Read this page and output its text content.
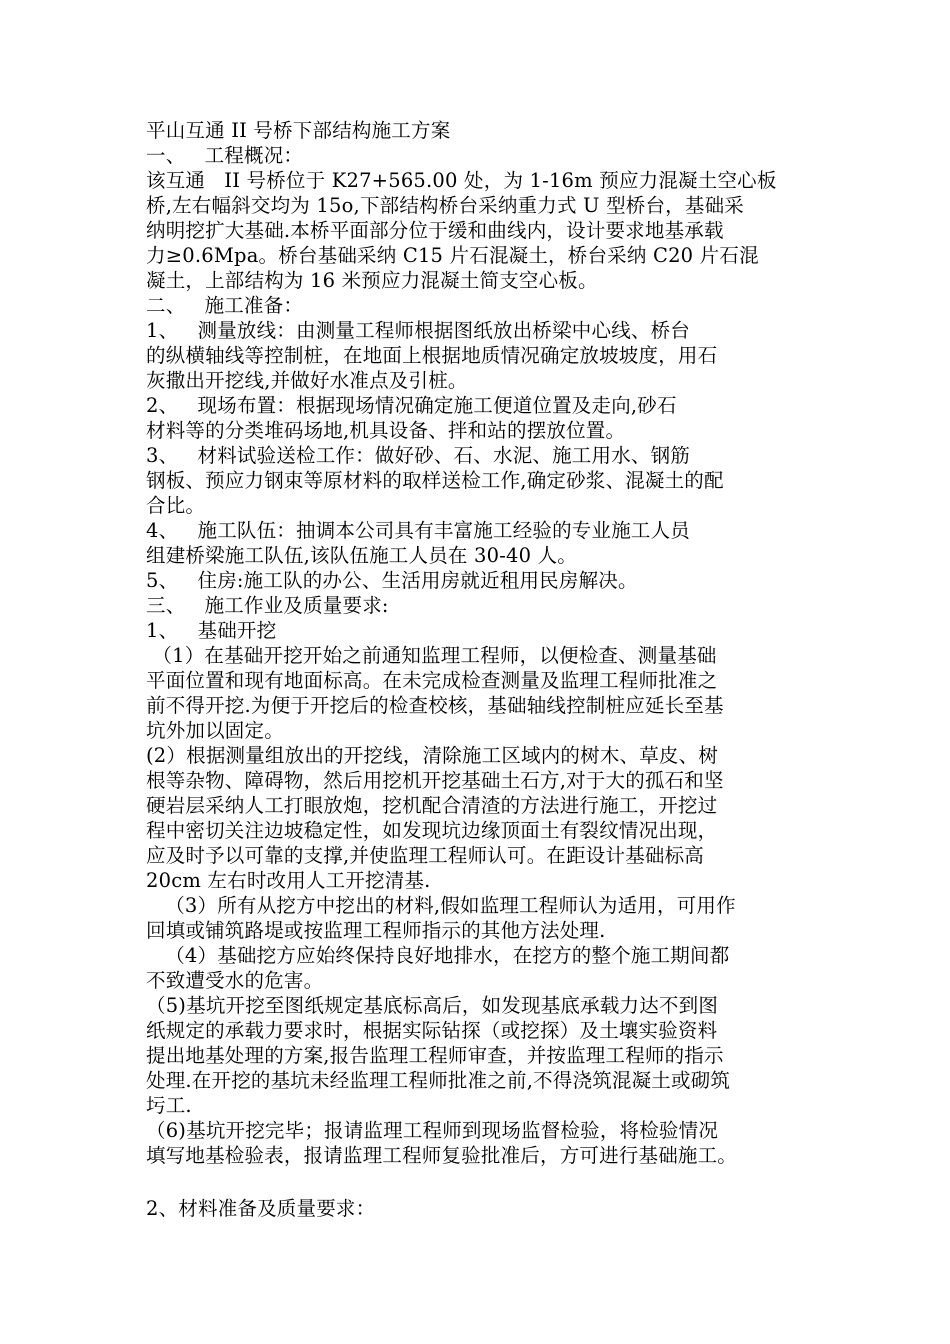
平山互通 II 号桥下部结构施工方案
一、   工程概况：
该互通   II 号桥位于 K27+565.00 处，为 1-16m 预应力混凝土空心板
桥,左右幅斜交均为 15o,下部结构桥台采纳重力式 U 型桥台，基础采
纳明挖扩大基础.本桥平面部分位于缓和曲线内，设计要求地基承载
力≥0.6Mpa。桥台基础采纳 C15 片石混凝土，桥台采纳 C20 片石混
凝土，上部结构为 16 米预应力混凝土简支空心板。
二、   施工准备：
1、   测量放线：由测量工程师根据图纸放出桥梁中心线、桥台
的纵横轴线等控制桩，在地面上根据地质情况确定放坡坡度，用石
灰撒出开挖线,并做好水准点及引桩。
2、   现场布置：根据现场情况确定施工便道位置及走向,砂石
材料等的分类堆码场地,机具设备、拌和站的摆放位置。
3、   材料试验送检工作：做好砂、石、水泥、施工用水、钢筋
钢板、预应力钢束等原材料的取样送检工作,确定砂浆、混凝土的配
合比。
4、   施工队伍：抽调本公司具有丰富施工经验的专业施工人员
组建桥梁施工队伍,该队伍施工人员在 30-40 人。
5、   住房:施工队的办公、生活用房就近租用民房解决。
三、   施工作业及质量要求:
1、   基础开挖
（1）在基础开挖开始之前通知监理工程师，以便检查、测量基础
平面位置和现有地面标高。在未完成检查测量及监理工程师批准之
前不得开挖.为便于开挖后的检查校核，基础轴线控制桩应延长至基
坑外加以固定。
(2）根据测量组放出的开挖线，清除施工区域内的树木、草皮、树
根等杂物、障碍物，然后用挖机开挖基础土石方,对于大的孤石和坚
硬岩层采纳人工打眼放炮，挖机配合清渣的方法进行施工，开挖过
程中密切关注边坡稳定性，如发现坑边缘顶面土有裂纹情况出现，
应及时予以可靠的支撑,并使监理工程师认可。在距设计基础标高
20cm 左右时改用人工开挖清基.
（3）所有从挖方中挖出的材料,假如监理工程师认为适用，可用作
回填或铺筑路堤或按监理工程师指示的其他方法处理.
（4）基础挖方应始终保持良好地排水，在挖方的整个施工期间都
不致遭受水的危害。
（5)基坑开挖至图纸规定基底标高后，如发现基底承载力达不到图
纸规定的承载力要求时，根据实际钻探（或挖探）及土壤实验资料
提出地基处理的方案,报告监理工程师审查，并按监理工程师的指示
处理.在开挖的基坑未经监理工程师批准之前,不得浇筑混凝土或砌筑
圬工.
（6)基坑开挖完毕；报请监理工程师到现场监督检验，将检验情况
填写地基检验表，报请监理工程师复验批准后，方可进行基础施工。
2、材料准备及质量要求：
